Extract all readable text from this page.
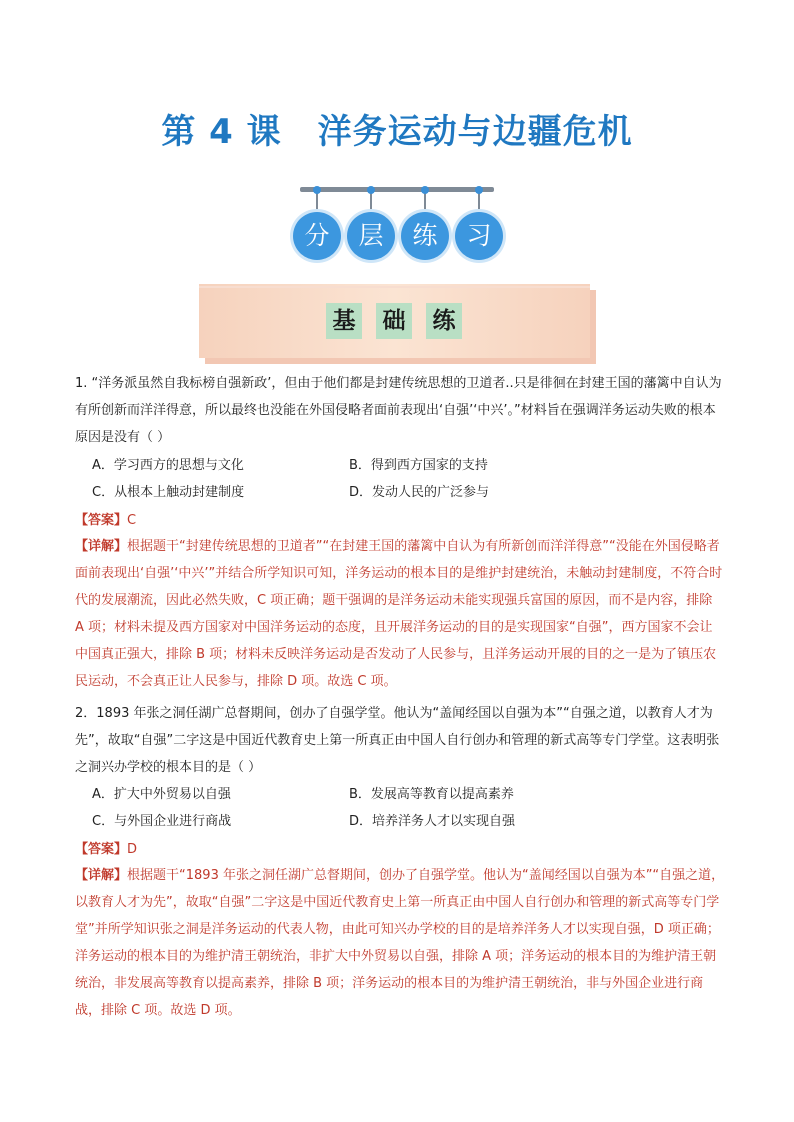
第 4 课 洋务运动与边疆危机
分	层	练	习
基 础 练

1. “洋务派虽然自我标榜自强新政’，但由于他们都是封建传统思想的卫道者..只是徘徊在封建王国的藩篱中自认为有所创新而洋洋得意，所以最终也没能在外国侵略者面前表现出‘自强’‘中兴’。”材料旨在强调洋务运动失败的根本原因是没有（ ）

A．学习西方的思想与文化	B．得到西方国家的支持
C．从根本上触动封建制度	D．发动人民的广泛参与
【答案】C

【详解】根据题干“封建传统思想的卫道者”“在封建王国的藩篱中自认为有所新创而洋洋得意”“没能在外国侵略者面前表现出‘自强’‘中兴’”并结合所学知识可知，洋务运动的根本目的是维护封建统治，未触动封建制度，不符合时代的发展潮流，因此必然失败，C 项正确；题干强调的是洋务运动未能实现强兵富国的原因，而不是内容，排除 A 项；材料未提及西方国家对中国洋务运动的态度，且开展洋务运动的目的是实现国家“自强”，西方国家不会让中国真正强大，排除 B 项；材料未反映洋务运动是否发动了人民参与，且洋务运动开展的目的之一是为了镇压农民运动，不会真正让人民参与，排除 D 项。故选 C 项。

2．1893 年张之洞任湖广总督期间，创办了自强学堂。他认为“盖闻经国以自强为本”“自强之道，以教育人才为先”，故取“自强”二字这是中国近代教育史上第一所真正由中国人自行创办和管理的新式高等专门学堂。这表明张之洞兴办学校的根本目的是（ ）

A．扩大中外贸易以自强	B．发展高等教育以提高素养
C．与外国企业进行商战	D．培养洋务人才以实现自强
【答案】D

【详解】根据题干“1893 年张之洞任湖广总督期间，创办了自强学堂。他认为“盖闻经国以自强为本”“自强之道，以教育人才为先”，故取“自强”二字这是中国近代教育史上第一所真正由中国人自行创办和管理的新式高等专门学堂”并所学知识张之洞是洋务运动的代表人物，由此可知兴办学校的目的是培养洋务人才以实现自强，D 项正确；洋务运动的根本目的为维护清王朝统治，非扩大中外贸易以自强，排除 A 项；洋务运动的根本目的为维护清王朝统治，非发展高等教育以提高素养，排除 B 项；洋务运动的根本目的为维护清王朝统治，非与外国企业进行商战，排除 C 项。故选 D 项。
